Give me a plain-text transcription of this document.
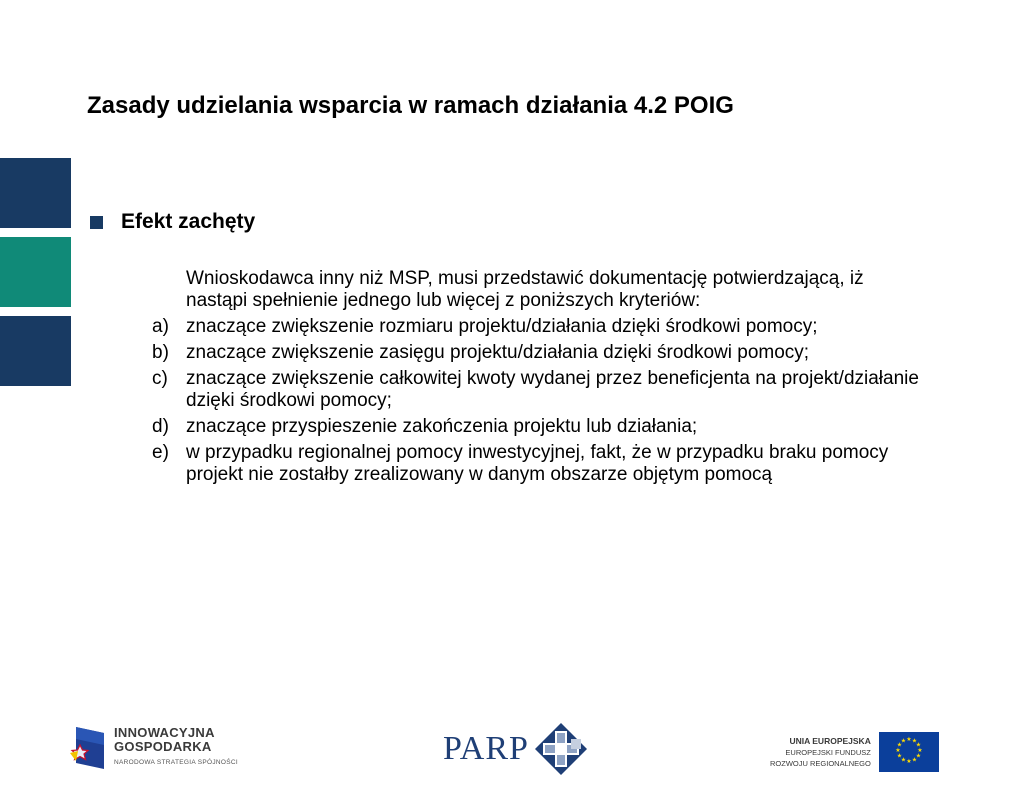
Zasady udzielania wsparcia w ramach działania 4.2 POIG
Efekt zachęty

Wnioskodawca inny niż MSP, musi przedstawić dokumentację potwierdzającą, iż nastąpi spełnienie jednego lub więcej z poniższych kryteriów:

a) znaczące zwiększenie rozmiaru projektu/działania dzięki środkowi pomocy;
b) znaczące zwiększenie zasięgu projektu/działania dzięki środkowi pomocy;
c) znaczące zwiększenie całkowitej kwoty wydanej przez beneficjenta na projekt/działanie dzięki środkowi pomocy;
d) znaczące przyspieszenie zakończenia projektu lub działania;
e) w przypadku regionalnej pomocy inwestycyjnej, fakt, że w przypadku braku pomocy projekt nie zostałby zrealizowany w danym obszarze objętym pomocą
INNOWACYJNA
GOSPODARKA
NARODOWA STRATEGIA SPÓJNOŚCI	PARP	UNIA EUROPEJSKA
EUROPEJSKI FUNDUSZ
ROZWOJU REGIONALNEGO
★ ★
★
★
★
★
★
★
★
★
★
★
